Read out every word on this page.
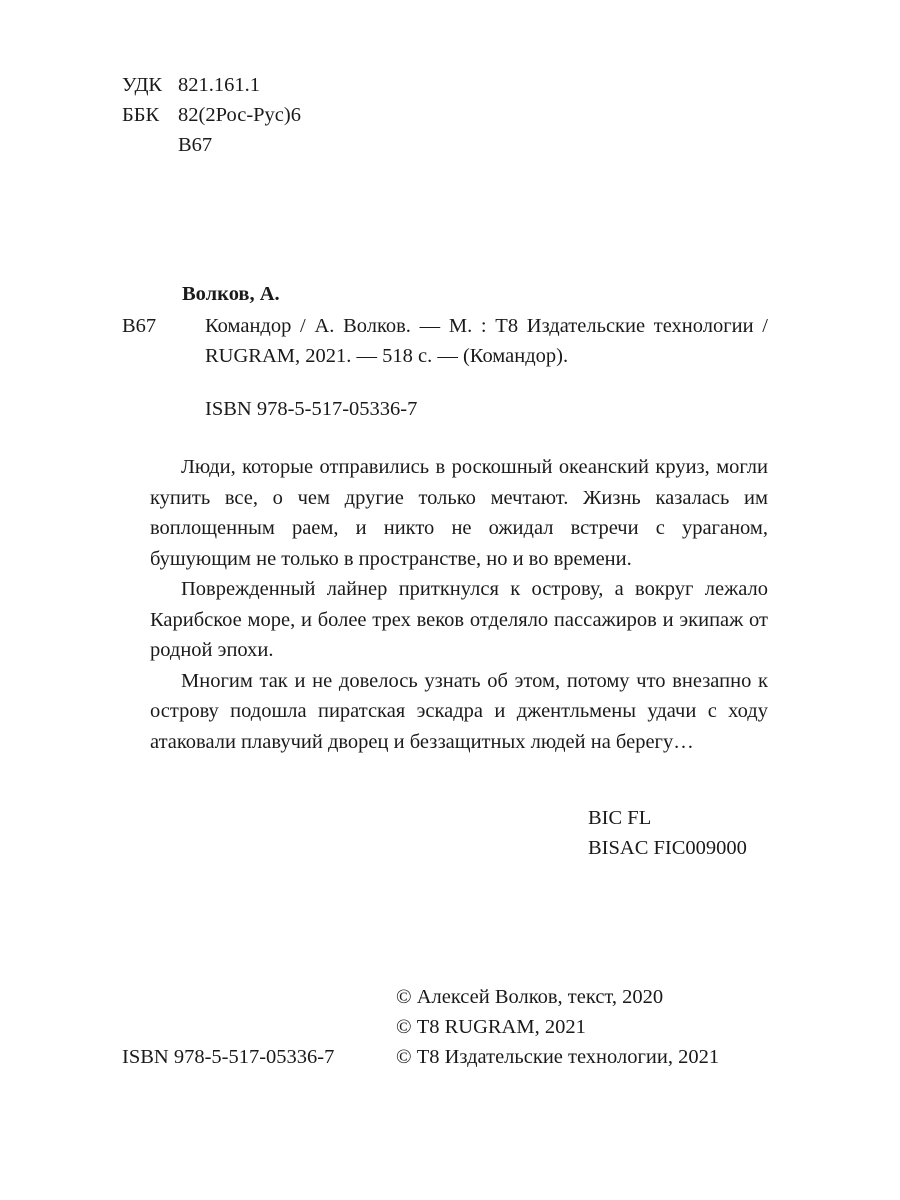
УДК 821.161.1
ББК 82(2Рос-Рус)6
В67
Волков, А.
В67 Командор / А. Волков. — М. : Т8 Издательские технологии / RUGRAM, 2021. — 518 с. — (Командор).
ISBN 978-5-517-05336-7

Люди, которые отправились в роскошный океанский круиз, могли купить все, о чем другие только мечтают. Жизнь казалась им воплощенным раем, и никто не ожидал встречи с ураганом, бушующим не только в пространстве, но и во времени.

Поврежденный лайнер приткнулся к острову, а вокруг лежало Карибское море, и более трех веков отделяло пассажиров и экипаж от родной эпохи.

Многим так и не довелось узнать об этом, потому что внезапно к острову подошла пиратская эскадра и джентльмены удачи с ходу атаковали плавучий дворец и беззащитных людей на берегу…

BIC FL
BISAC FIC009000
© Алексей Волков, текст, 2020
© Т8 RUGRAM, 2021
ISBN 978-5-517-05336-7	© Т8 Издательские технологии, 2021
